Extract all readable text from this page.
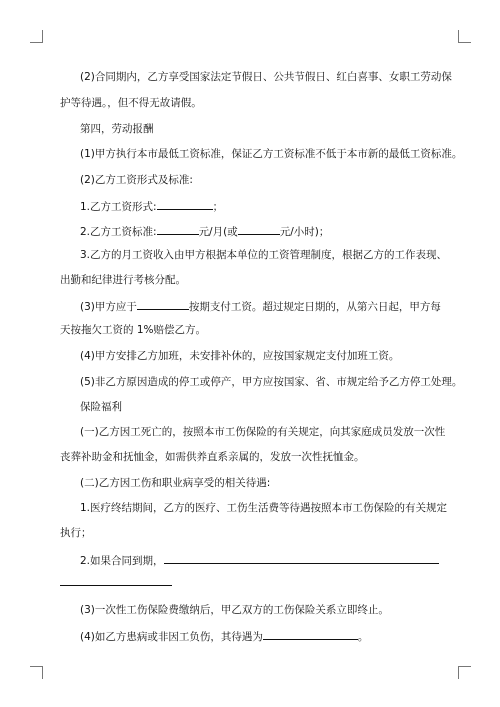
(2)合同期内，乙方享受国家法定节假日、公共节假日、红白喜事、女职工劳动保
护等待遇。，但不得无故请假。
第四，劳动报酬
(1)甲方执行本市最低工资标准，保证乙方工资标准不低于本市新的最低工资标准。
(2)乙方工资形式及标准:
1.乙方工资形式:	；
2.乙方工资标准:	元/月(或	元/小时)；
3.乙方的月工资收入由甲方根据本单位的工资管理制度，根据乙方的工作表现、
出勤和纪律进行考核分配。
(3)甲方应于	按期支付工资。超过规定日期的，从第六日起，甲方每
天按拖欠工资的 1%赔偿乙方。
(4)甲方安排乙方加班，未安排补休的，应按国家规定支付加班工资。
(5)非乙方原因造成的停工或停产，甲方应按国家、省、市规定给予乙方停工处理。
保险福利
(一)乙方因工死亡的，按照本市工伤保险的有关规定，向其家庭成员发放一次性
丧葬补助金和抚恤金，如需供养直系亲属的，发放一次性抚恤金。
(二)乙方因工伤和职业病享受的相关待遇:
1.医疗终结期间，乙方的医疗、工伤生活费等待遇按照本市工伤保险的有关规定
执行；
2.如果合同到期，
(3)一次性工伤保险费缴纳后，甲乙双方的工伤保险关系立即终止。
(4)如乙方患病或非因工负伤，其待遇为	。
